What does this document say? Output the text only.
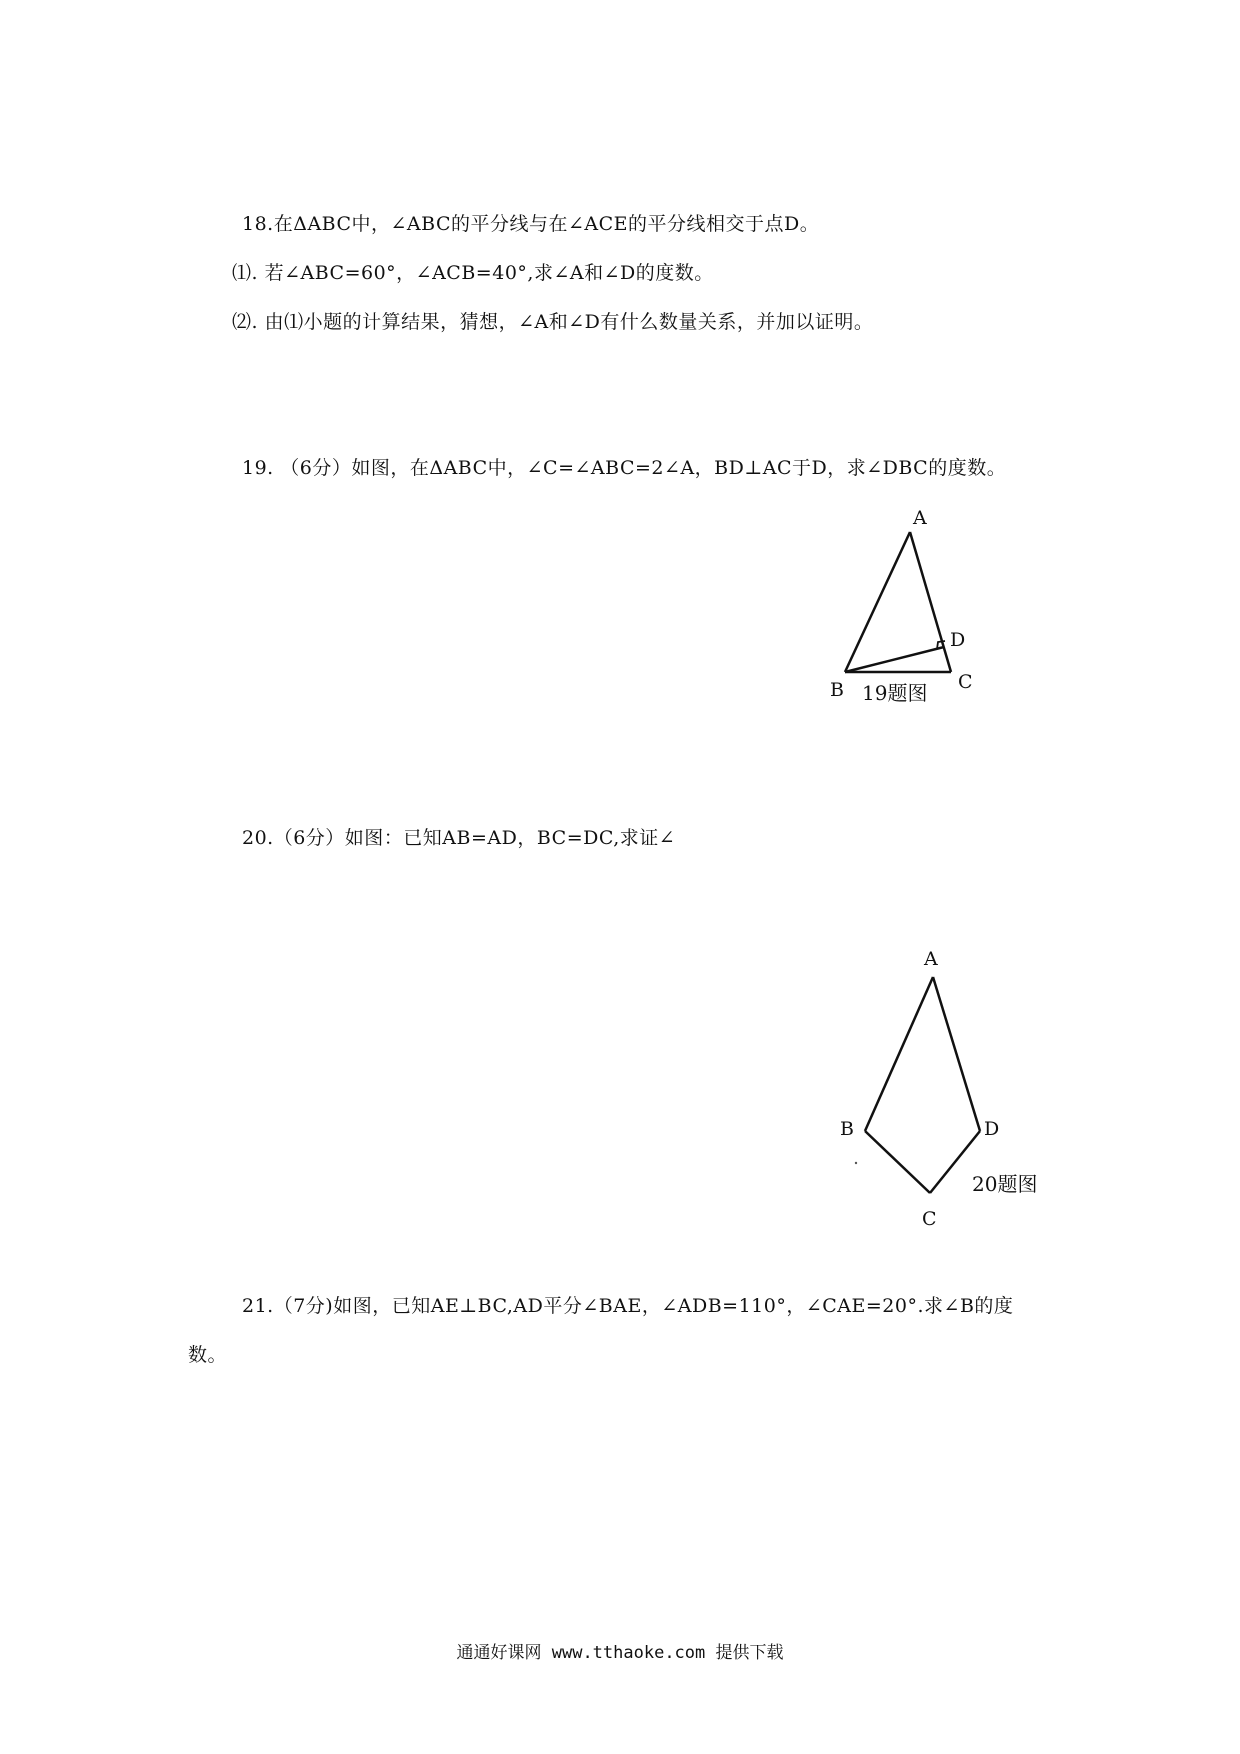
18.在ΔABC中，∠ABC的平分线与在∠ACE的平分线相交于点D。
⑴. 若∠ABC=60°，∠ACB=40°,求∠A和∠D的度数。
⑵. 由⑴小题的计算结果，猜想，∠A和∠D有什么数量关系，并加以证明。
19. （6分）如图，在ΔABC中，∠C=∠ABC=2∠A，BD⊥AC于D，求∠DBC的度数。
A
B	C
D
19题图
20.（6分）如图：已知AB=AD，BC=DC,求证∠
A
B
C
D
20题图
21.（7分)如图，已知AE⊥BC,AD平分∠BAE，∠ADB=110°，∠CAE=20°.求∠B的度
数。
通通好课网 www.tthaoke.com 提供下载
